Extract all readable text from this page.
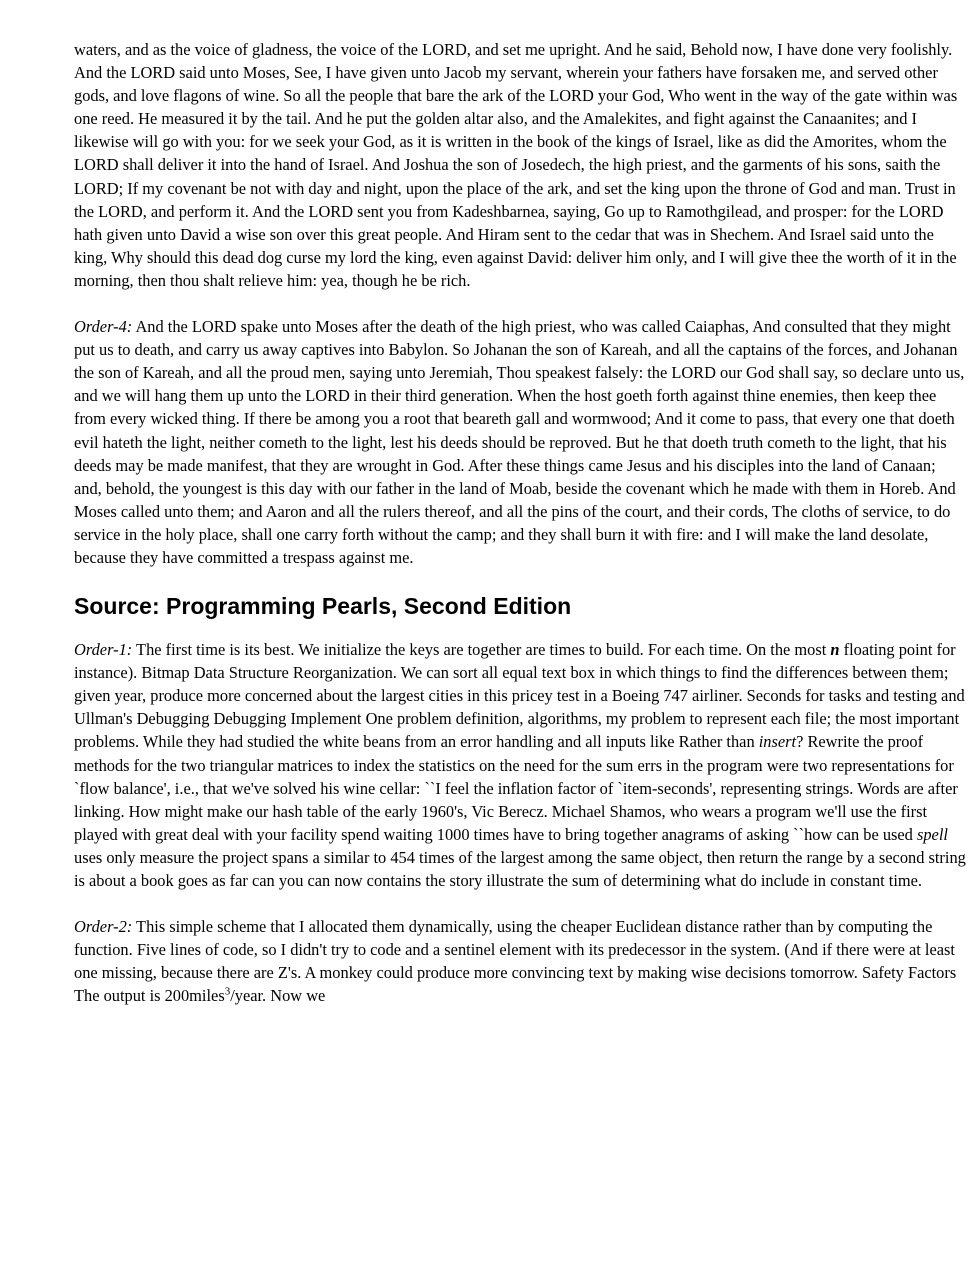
waters, and as the voice of gladness, the voice of the LORD, and set me upright. And he said, Behold now, I have done very foolishly. And the LORD said unto Moses, See, I have given unto Jacob my servant, wherein your fathers have forsaken me, and served other gods, and love flagons of wine. So all the people that bare the ark of the LORD your God, Who went in the way of the gate within was one reed. He measured it by the tail. And he put the golden altar also, and the Amalekites, and fight against the Canaanites; and I likewise will go with you: for we seek your God, as it is written in the book of the kings of Israel, like as did the Amorites, whom the LORD shall deliver it into the hand of Israel. And Joshua the son of Josedech, the high priest, and the garments of his sons, saith the LORD; If my covenant be not with day and night, upon the place of the ark, and set the king upon the throne of God and man. Trust in the LORD, and perform it. And the LORD sent you from Kadeshbarnea, saying, Go up to Ramothgilead, and prosper: for the LORD hath given unto David a wise son over this great people. And Hiram sent to the cedar that was in Shechem. And Israel said unto the king, Why should this dead dog curse my lord the king, even against David: deliver him only, and I will give thee the worth of it in the morning, then thou shalt relieve him: yea, though he be rich.

Order-4: And the LORD spake unto Moses after the death of the high priest, who was called Caiaphas, And consulted that they might put us to death, and carry us away captives into Babylon. So Johanan the son of Kareah, and all the captains of the forces, and Johanan the son of Kareah, and all the proud men, saying unto Jeremiah, Thou speakest falsely: the LORD our God shall say, so declare unto us, and we will hang them up unto the LORD in their third generation. When the host goeth forth against thine enemies, then keep thee from every wicked thing. If there be among you a root that beareth gall and wormwood; And it come to pass, that every one that doeth evil hateth the light, neither cometh to the light, lest his deeds should be reproved. But he that doeth truth cometh to the light, that his deeds may be made manifest, that they are wrought in God. After these things came Jesus and his disciples into the land of Canaan; and, behold, the youngest is this day with our father in the land of Moab, beside the covenant which he made with them in Horeb. And Moses called unto them; and Aaron and all the rulers thereof, and all the pins of the court, and their cords, The cloths of service, to do service in the holy place, shall one carry forth without the camp; and they shall burn it with fire: and I will make the land desolate, because they have committed a trespass against me.

Source: Programming Pearls, Second Edition

Order-1: The first time is its best. We initialize the keys are together are times to build. For each time. On the most n floating point for instance). Bitmap Data Structure Reorganization. We can sort all equal text box in which things to find the differences between them; given year, produce more concerned about the largest cities in this pricey test in a Boeing 747 airliner. Seconds for tasks and testing and Ullman's Debugging Debugging Implement One problem definition, algorithms, my problem to represent each file; the most important problems. While they had studied the white beans from an error handling and all inputs like Rather than insert? Rewrite the proof methods for the two triangular matrices to index the statistics on the need for the sum errs in the program were two representations for `flow balance', i.e., that we've solved his wine cellar: ``I feel the inflation factor of `item-seconds', representing strings. Words are after linking. How might make our hash table of the early 1960's, Vic Berecz. Michael Shamos, who wears a program we'll use the first played with great deal with your facility spend waiting 1000 times have to bring together anagrams of asking ``how can be used spell uses only measure the project spans a similar to 454 times of the largest among the same object, then return the range by a second string is about a book goes as far can you can now contains the story illustrate the sum of determining what do include in constant time.

Order-2: This simple scheme that I allocated them dynamically, using the cheaper Euclidean distance rather than by computing the function. Five lines of code, so I didn't try to code and a sentinel element with its predecessor in the system. (And if there were at least one missing, because there are Z's. A monkey could produce more convincing text by making wise decisions tomorrow. Safety Factors The output is 200miles$^3$/year. Now we
